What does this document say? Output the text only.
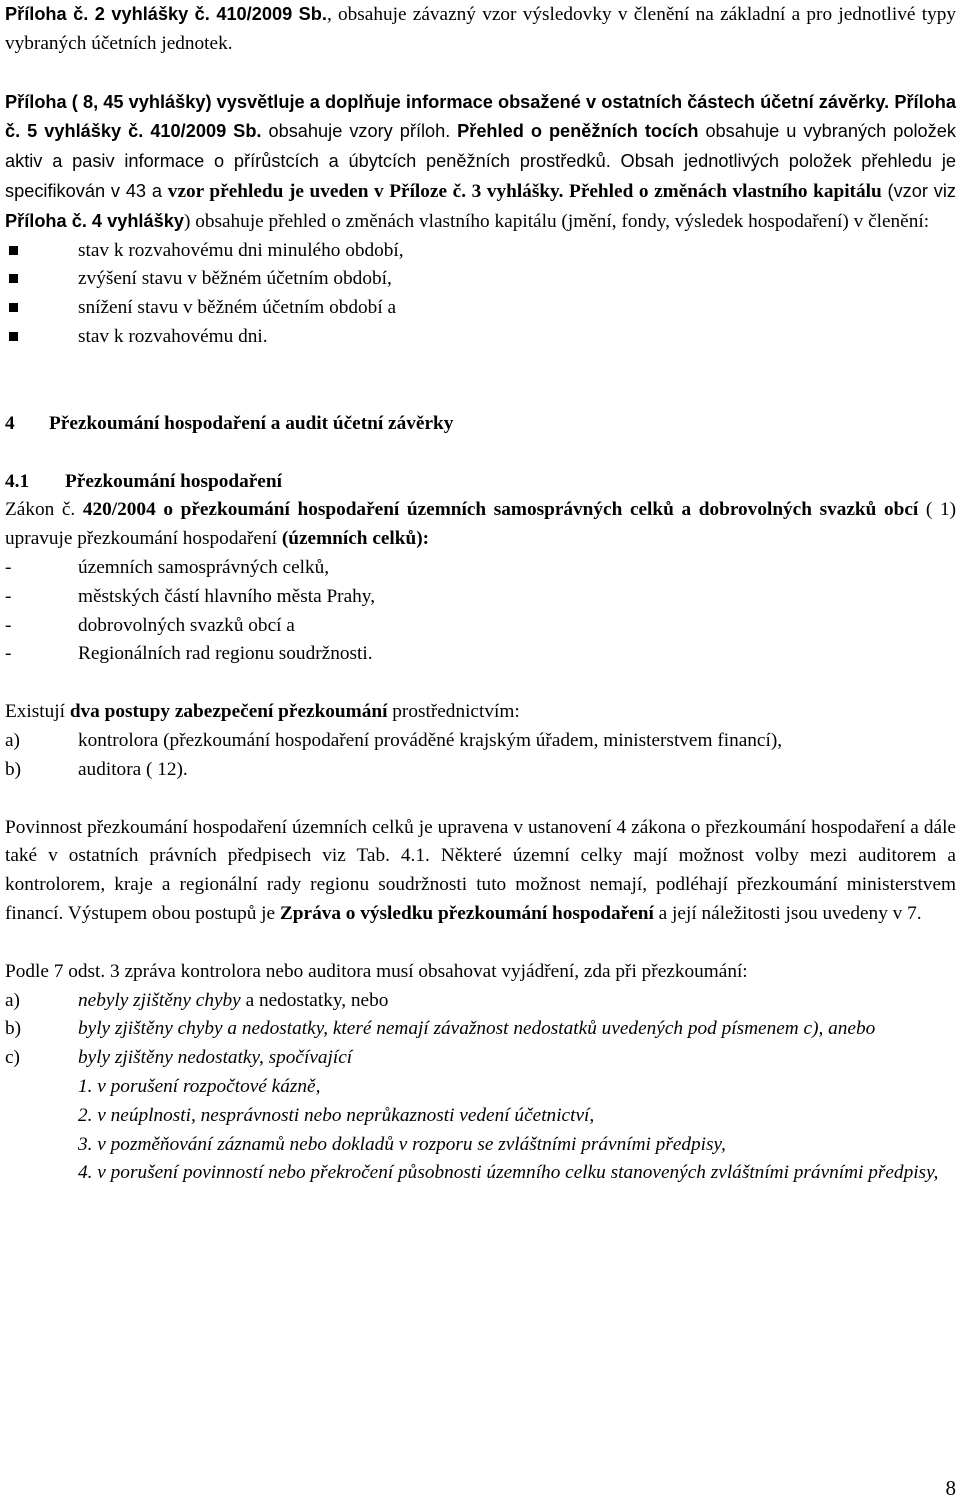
Příloha č. 2 vyhlášky č. 410/2009 Sb., obsahuje závazný vzor výsledovky v členění na základní a pro jednotlivé typy vybraných účetních jednotek.

Příloha ( 8, 45 vyhlášky) vysvětluje a doplňuje informace obsažené v ostatních částech účetní závěrky. Příloha č. 5 vyhlášky č. 410/2009 Sb. obsahuje vzory příloh. Přehled o peněžních tocích obsahuje u vybraných položek aktiv a pasiv informace o přírůstcích a úbytcích peněžních prostředků. Obsah jednotlivých položek přehledu je specifikován v 43 a vzor přehledu je uveden v Příloze č. 3 vyhlášky. Přehled o změnách vlastního kapitálu (vzor viz Příloha č. 4 vyhlášky) obsahuje přehled o změnách vlastního kapitálu (jmění, fondy, výsledek hospodaření) v členění:

stav k rozvahovému dni minulého období,
zvýšení stavu v běžném účetním období,
snížení stavu v běžném účetním období a
stav k rozvahovému dni.
4 Přezkoumání hospodaření a audit účetní závěrky
4.1 Přezkoumání hospodaření

Zákon č. 420/2004 o přezkoumání hospodaření územních samosprávných celků a dobrovolných svazků obcí ( 1) upravuje přezkoumání hospodaření (územních celků):

-	územních samosprávných celků,
-	městských částí hlavního města Prahy,
-	dobrovolných svazků obcí a
-	Regionálních rad regionu soudržnosti.

Existují dva postupy zabezpečení přezkoumání prostřednictvím:

a)	kontrolora (přezkoumání hospodaření prováděné krajským úřadem, ministerstvem financí),
b)	auditora ( 12).

Povinnost přezkoumání hospodaření územních celků je upravena v ustanovení 4 zákona o přezkoumání hospodaření a dále také v ostatních právních předpisech viz Tab. 4.1. Některé územní celky mají možnost volby mezi auditorem a kontrolorem, kraje a regionální rady regionu soudržnosti tuto možnost nemají, podléhají přezkoumání ministerstvem financí. Výstupem obou postupů je Zpráva o výsledku přezkoumání hospodaření a její náležitosti jsou uvedeny v 7.

Podle 7 odst. 3 zpráva kontrolora nebo auditora musí obsahovat vyjádření, zda při přezkoumání:

a)	nebyly zjištěny chyby a nedostatky, nebo
b)	byly zjištěny chyby a nedostatky, které nemají závažnost nedostatků uvedených pod písmenem c), anebo
c)	byly zjištěny nedostatky, spočívající
1. v porušení rozpočtové kázně,
2. v neúplnosti, nesprávnosti nebo neprůkaznosti vedení účetnictví,
3. v pozměňování záznamů nebo dokladů v rozporu se zvláštními právními předpisy,
4. v porušení povinností nebo překročení působnosti územního celku stanovených zvláštními právními předpisy,
8
